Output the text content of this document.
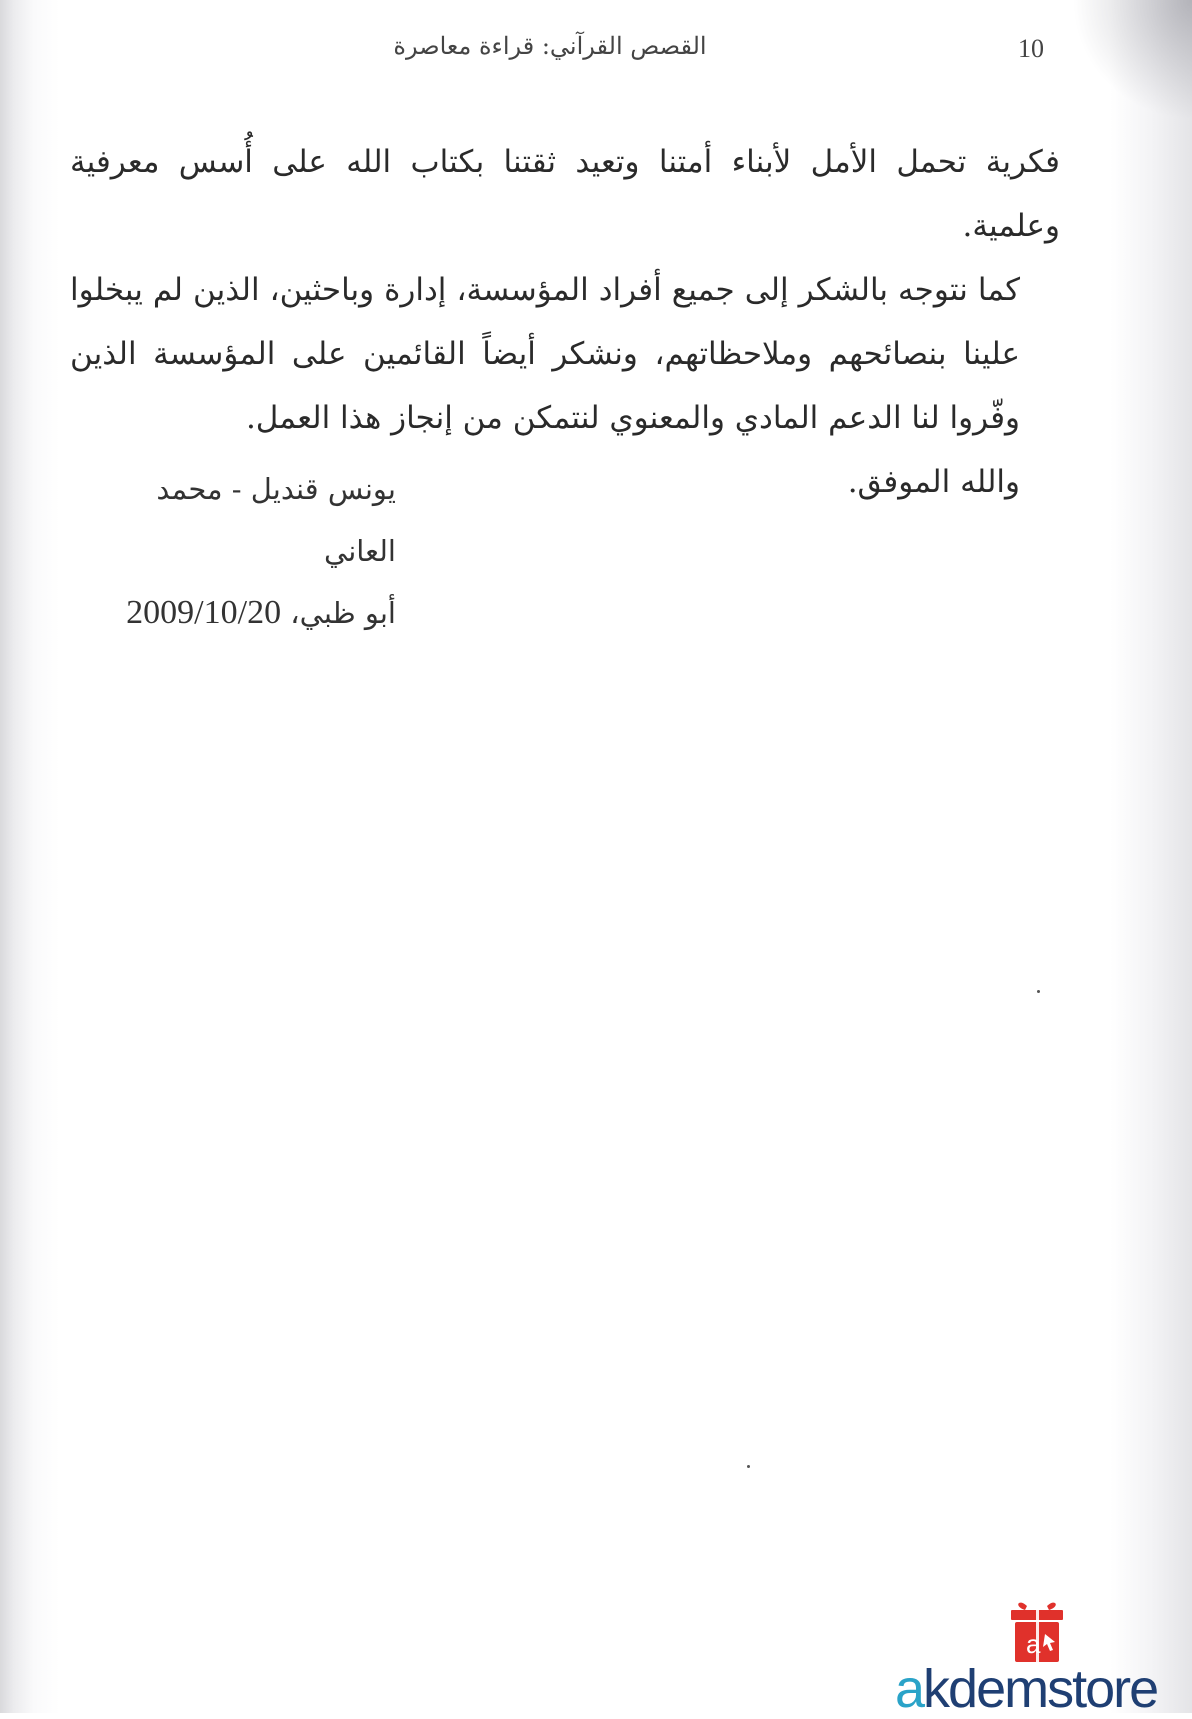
10
القصص القرآني: قراءة معاصرة

فكرية تحمل الأمل لأبناء أمتنا وتعيد ثقتنا بكتاب الله على أُسس معرفية وعلمية.

كما نتوجه بالشكر إلى جميع أفراد المؤسسة، إدارة وباحثين، الذين لم يبخلوا علينا بنصائحهم وملاحظاتهم، ونشكر أيضاً القائمين على المؤسسة الذين وفّروا لنا الدعم المادي والمعنوي لنتمكن من إنجاز هذا العمل.

والله الموفق.

يونس قنديل - محمد العاني
أبو ظبي، 2009/10/20
a
akdemstore
